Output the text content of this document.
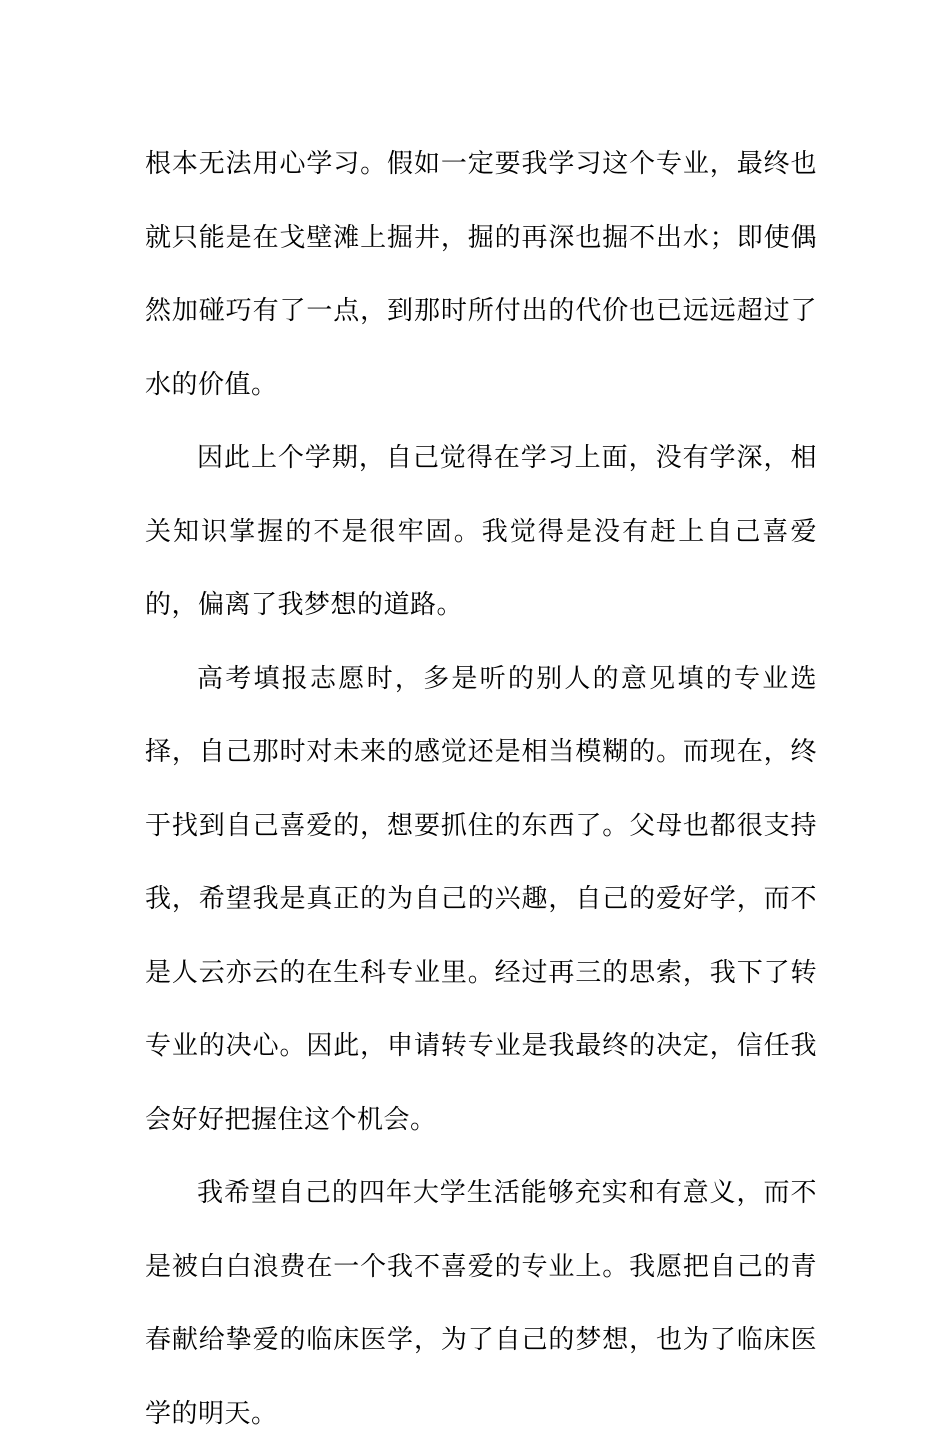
根本无法用心学习。假如一定要我学习这个专业，最终也就只能是在戈壁滩上掘井，掘的再深也掘不出水；即使偶然加碰巧有了一点，到那时所付出的代价也已远远超过了水的价值。

因此上个学期，自己觉得在学习上面，没有学深，相关知识掌握的不是很牢固。我觉得是没有赶上自己喜爱的，偏离了我梦想的道路。

高考填报志愿时，多是听的别人的意见填的专业选择，自己那时对未来的感觉还是相当模糊的。而现在，终于找到自己喜爱的，想要抓住的东西了。父母也都很支持我，希望我是真正的为自己的兴趣，自己的爱好学，而不是人云亦云的在生科专业里。经过再三的思索，我下了转专业的决心。因此，申请转专业是我最终的决定，信任我会好好把握住这个机会。

我希望自己的四年大学生活能够充实和有意义，而不是被白白浪费在一个我不喜爱的专业上。我愿把自己的青春献给挚爱的临床医学，为了自己的梦想，也为了临床医学的明天。
